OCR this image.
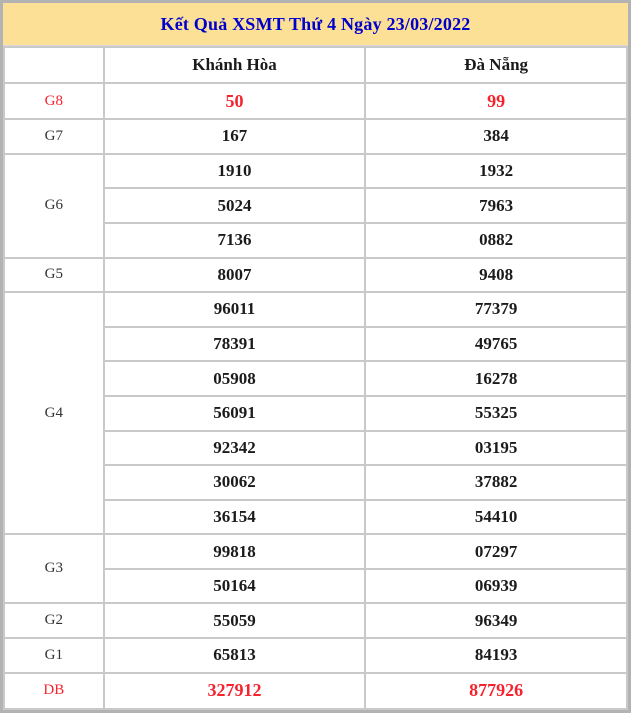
Kết Quả XSMT Thứ 4 Ngày 23/03/2022
	Khánh Hòa	Đà Nẵng
G8	50	99
G7	167	384
G6	1910	1932
	5024	7963
	7136	0882
G5	8007	9408
G4	96011	77379
	78391	49765
	05908	16278
	56091	55325
	92342	03195
	30062	37882
	36154	54410
G3	99818	07297
	50164	06939
G2	55059	96349
G1	65813	84193
DB	327912	877926
